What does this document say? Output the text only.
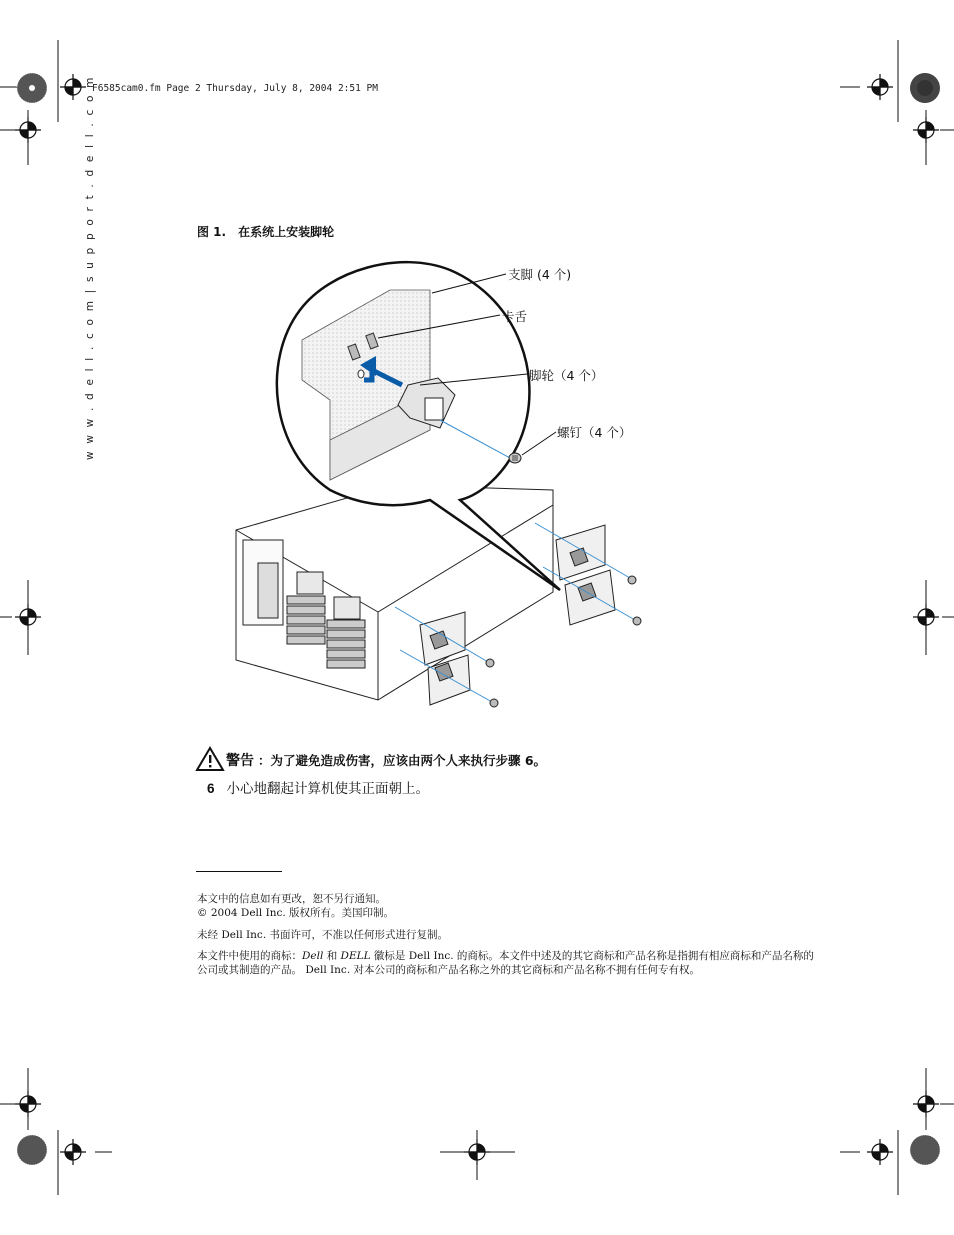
F6585cam0.fm Page 2 Thursday, July 8, 2004 2:51 PM
w w w . d e l l . c o m | s u p p o r t . d e l l . c o m	图 1. 在系统上安装脚轮
支脚 (4 个)
卡舌
脚轮（4 个）
螺钉（4 个）
警告 ：为了避免造成伤害，应该由两个人来执行步骤 6。
6 小心地翻起计算机使其正面朝上。
本文中的信息如有更改，恕不另行通知。
© 2004 Dell Inc. 版权所有。美国印制。
未经 Dell Inc. 书面许可，不准以任何形式进行复制。
本文件中使用的商标：Dell 和 DELL 徽标是 Dell Inc. 的商标。本文件中述及的其它商标和产品名称是指拥有相应商标和产品名称的公司或其制造的产品。 Dell Inc. 对本公司的商标和产品名称之外的其它商标和产品名称不拥有任何专有权。
